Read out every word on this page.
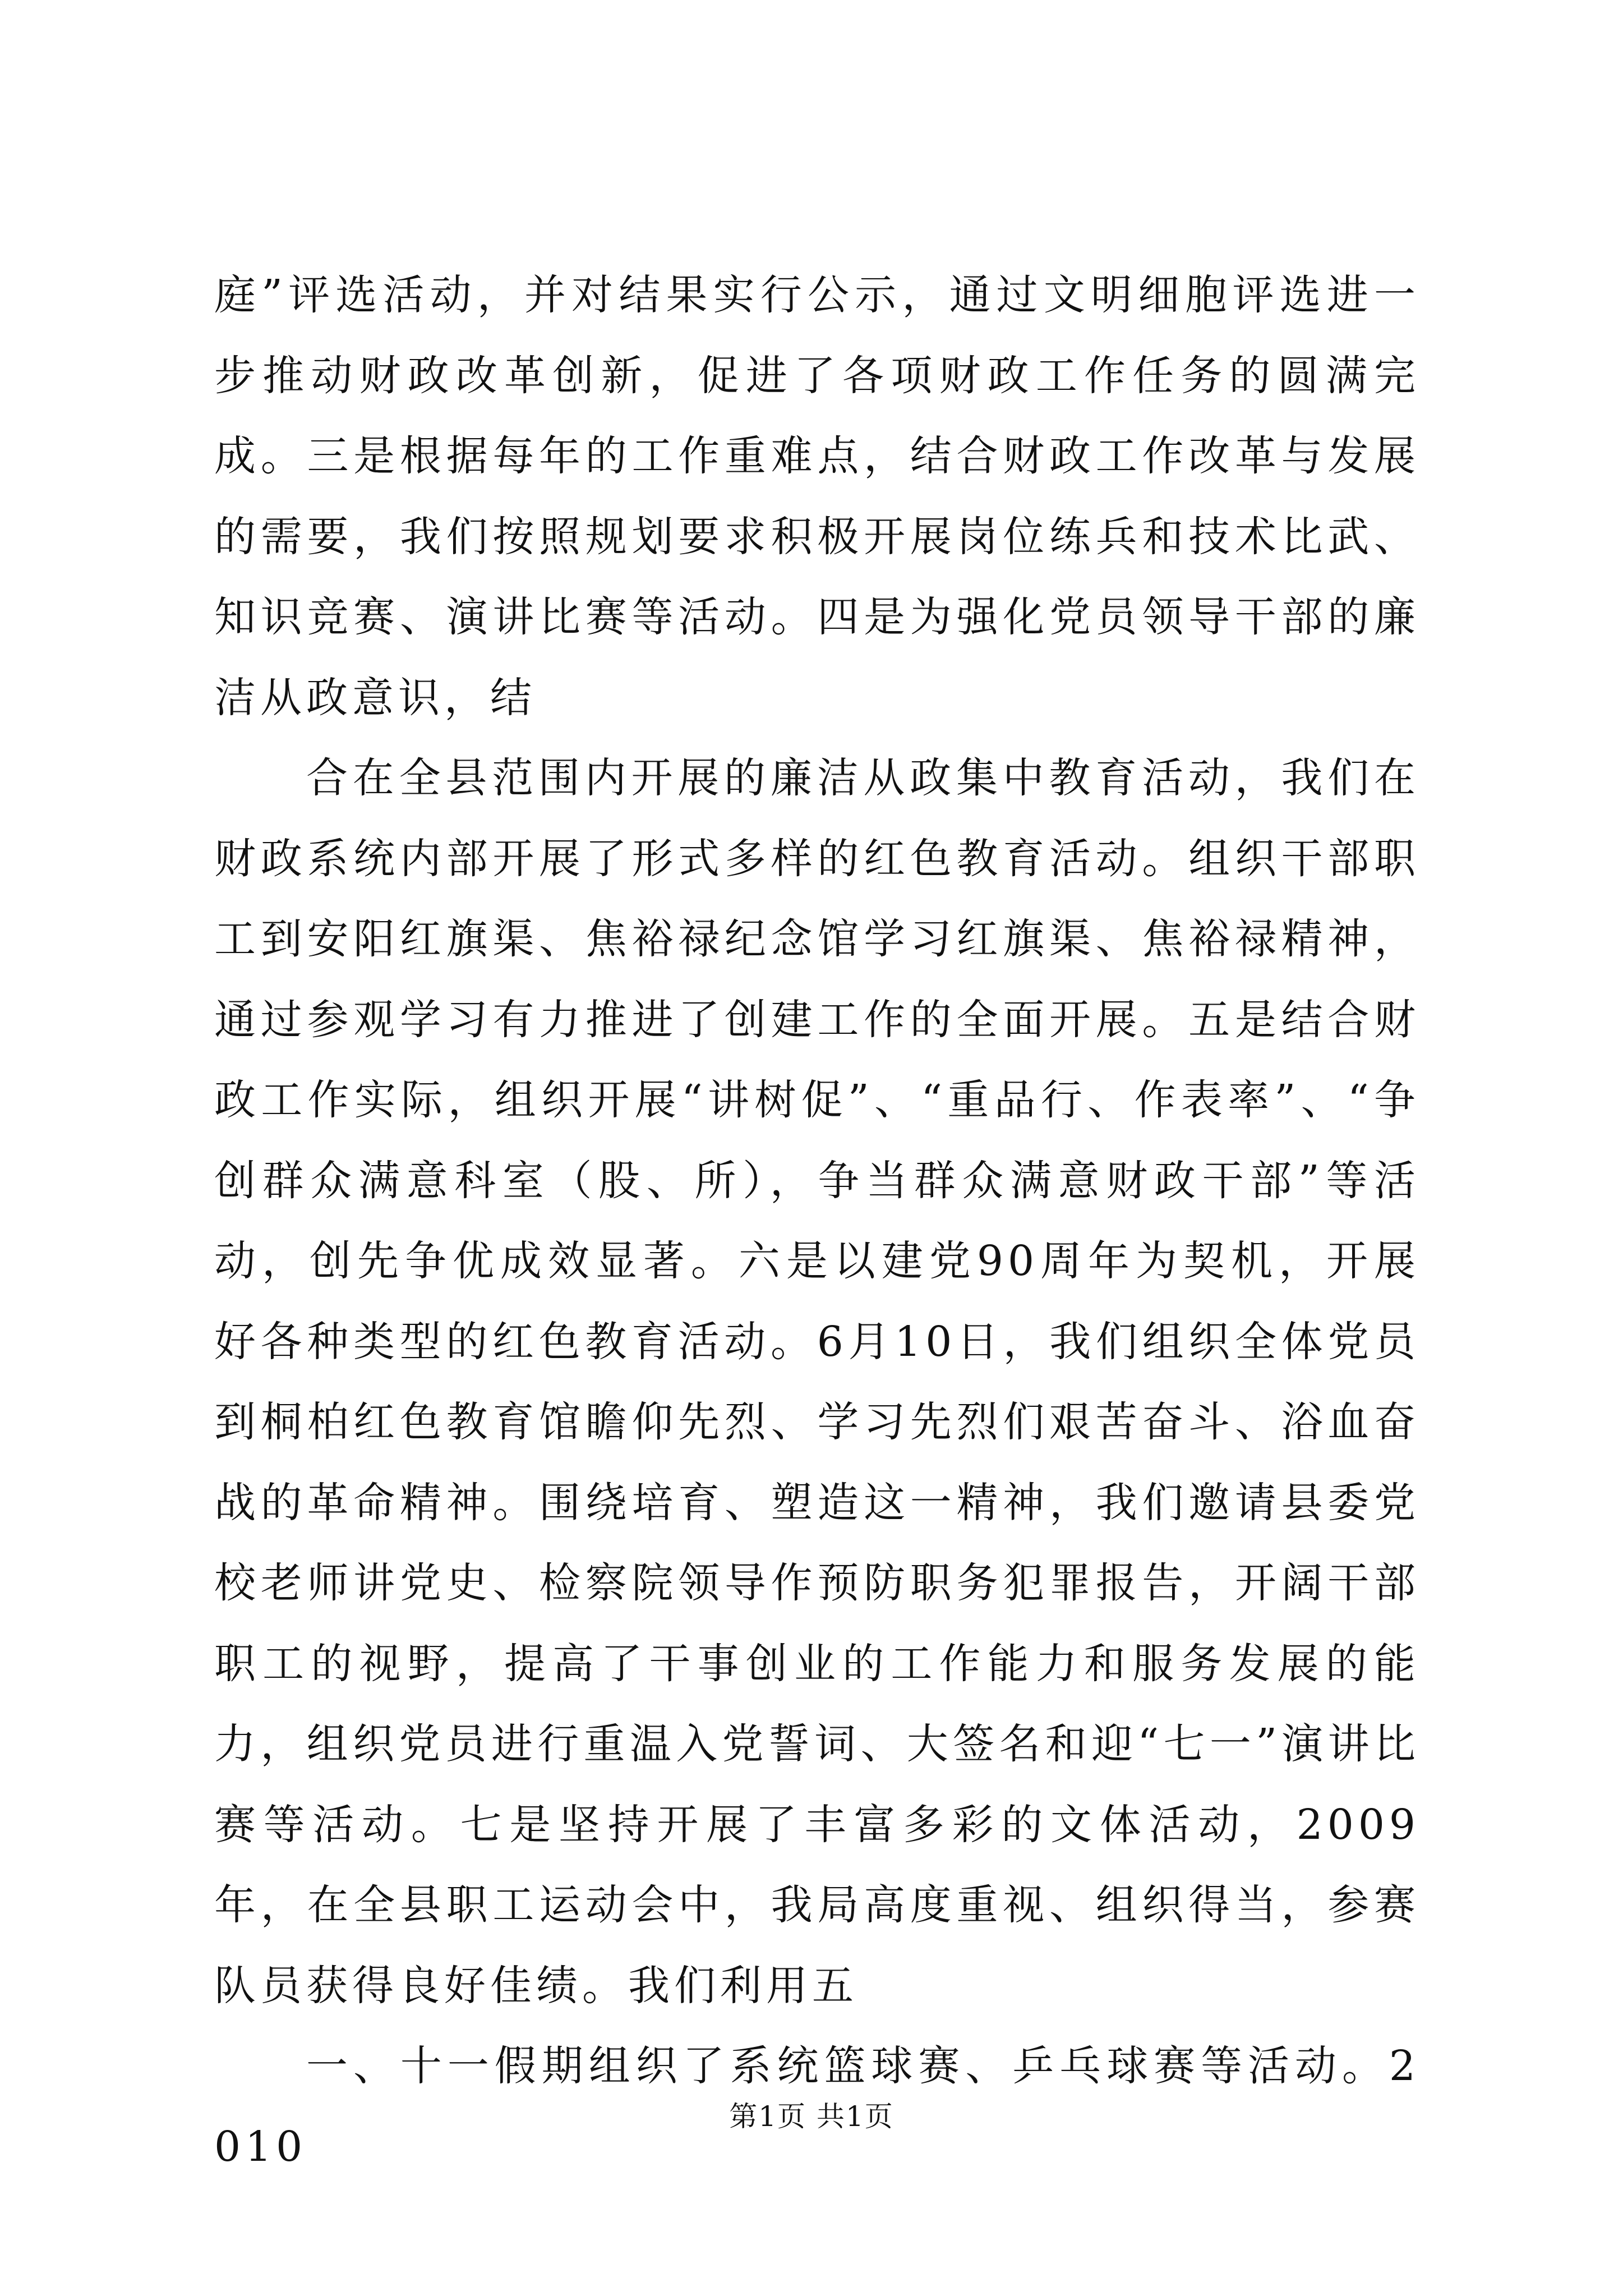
庭”评选活动，并对结果实行公示，通过文明细胞评选进一步推动财政改革创新，促进了各项财政工作任务的圆满完成。三是根据每年的工作重难点，结合财政工作改革与发展的需要，我们按照规划要求积极开展岗位练兵和技术比武、知识竞赛、演讲比赛等活动。四是为强化党员领导干部的廉洁从政意识，结

合在全县范围内开展的廉洁从政集中教育活动，我们在财政系统内部开展了形式多样的红色教育活动。组织干部职工到安阳红旗渠、焦裕禄纪念馆学习红旗渠、焦裕禄精神，通过参观学习有力推进了创建工作的全面开展。五是结合财政工作实际，组织开展“讲树促”、“重品行、作表率”、“争创群众满意科室（股、所），争当群众满意财政干部”等活动，创先争优成效显著。六是以建党90周年为契机，开展好各种类型的红色教育活动。6月10日，我们组织全体党员到桐柏红色教育馆瞻仰先烈、学习先烈们艰苦奋斗、浴血奋战的革命精神。围绕培育、塑造这一精神，我们邀请县委党校老师讲党史、检察院领导作预防职务犯罪报告，开阔干部职工的视野，提高了干事创业的工作能力和服务发展的能力，组织党员进行重温入党誓词、大签名和迎“七一”演讲比赛等活动。七是坚持开展了丰富多彩的文体活动，2009年，在全县职工运动会中，我局高度重视、组织得当，参赛队员获得良好佳绩。我们利用五

一、十一假期组织了系统篮球赛、乒乓球赛等活动。2010

第1页 共1页
